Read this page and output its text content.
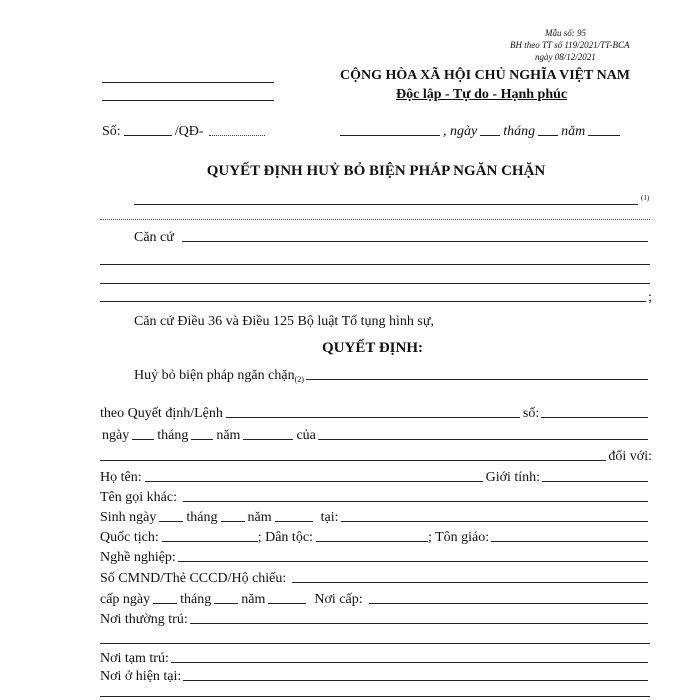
Mẫu số: 95
BH theo TT số 119/2021/TT-BCA
ngày 08/12/2021
CỘNG HÒA XÃ HỘI CHỦ NGHĨA VIỆT NAM
Độc lập - Tự do - Hạnh phúc
Số:	/QĐ-	, ngày tháng năm
QUYẾT ĐỊNH HUỶ BỎ BIỆN PHÁP NGĂN CHẶN
(1)
Căn cứ
;
Căn cứ Điều 36 và Điều 125 Bộ luật Tố tụng hình sự,
QUYẾT ĐỊNH:
Huỷ bỏ biện pháp ngăn chặn (2)
theo Quyết định/Lệnh	số:
ngày tháng năm	của
đối với:
Họ tên:	Giới tính:
Tên gọi khác:
Sinh ngày tháng năm	tại:
Quốc tịch:	; Dân tộc:	; Tôn giáo:
Nghề nghiệp:
Số CMND/Thẻ CCCD/Hộ chiếu:
cấp ngày tháng năm	Nơi cấp:
Nơi thường trú:
Nơi tạm trú:
Nơi ở hiện tại:
